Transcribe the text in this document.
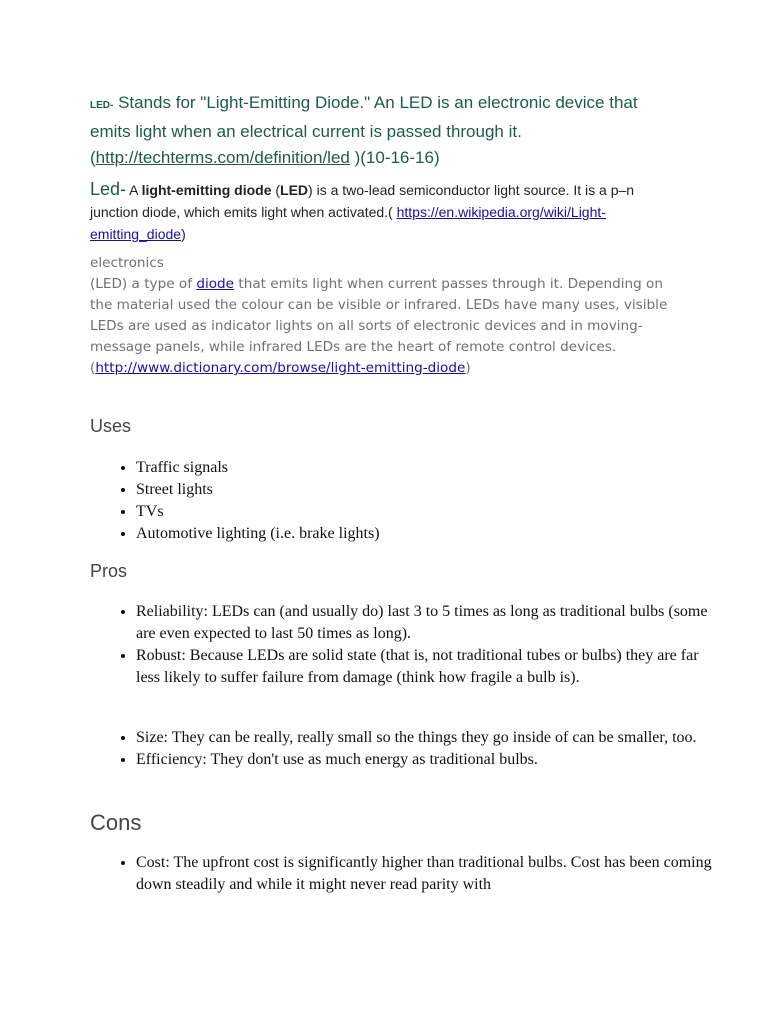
LED- Stands for "Light-Emitting Diode." An LED is an electronic device that emits light when an electrical current is passed through it.
(http://techterms.com/definition/led )(10-16-16)
Led- A light-emitting diode (LED) is a two-lead semiconductor light source. It is a p–n junction diode, which emits light when activated.( https://en.wikipedia.org/wiki/Light-emitting_diode)
electronics
(LED) a type of diode that emits light when current passes through it. Depending on the material used the colour can be visible or infrared. LEDs have many uses, visible LEDs are used as indicator lights on all sorts of electronic devices and in moving-message panels, while infrared LEDs are the heart of remote control devices. (http://www.dictionary.com/browse/light-emitting-diode)
Uses
• Traffic signals
• Street lights
• TVs
• Automotive lighting (i.e. brake lights)
Pros
• Reliability: LEDs can (and usually do) last 3 to 5 times as long as traditional bulbs (some are even expected to last 50 times as long).
• Robust: Because LEDs are solid state (that is, not traditional tubes or bulbs) they are far less likely to suffer failure from damage (think how fragile a bulb is).
• Size: They can be really, really small so the things they go inside of can be smaller, too.
• Efficiency: They don't use as much energy as traditional bulbs.
Cons
• Cost: The upfront cost is significantly higher than traditional bulbs. Cost has been coming down steadily and while it might never read parity with
